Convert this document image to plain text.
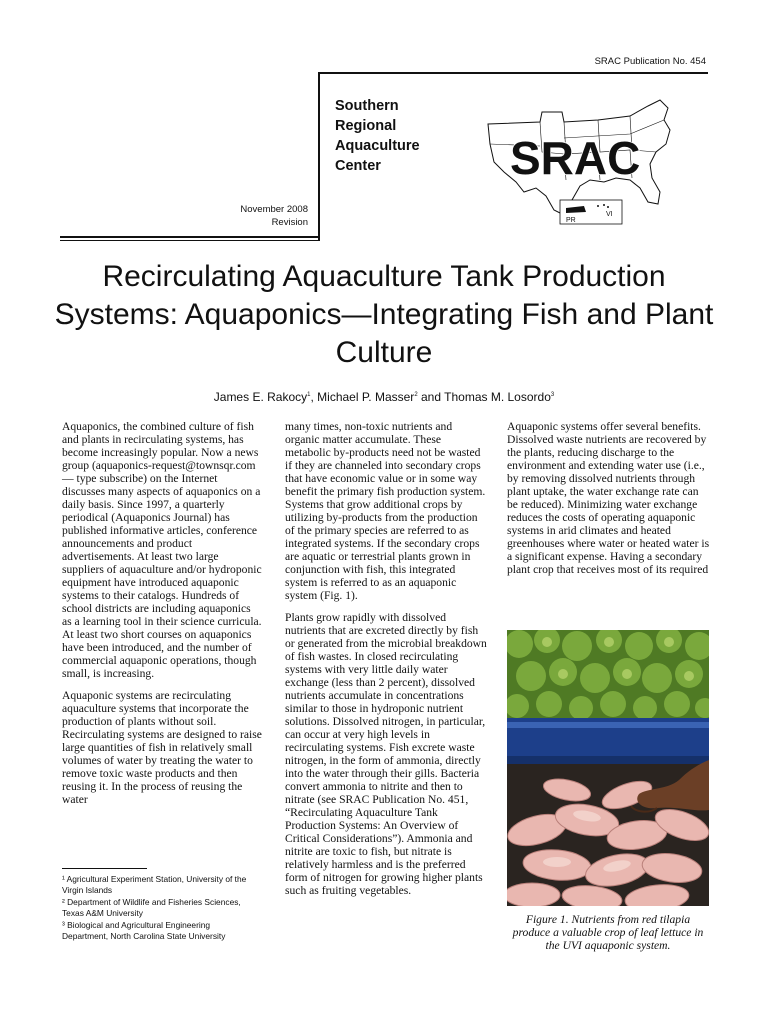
SRAC Publication No. 454
Southern
Regional
Aquaculture
Center	SRAC
PR
VI
November 2008
Revision
Recirculating Aquaculture Tank Production Systems: Aquaponics—Integrating Fish and Plant Culture
James E. Rakocy$^1$, Michael P. Masser$^2$ and Thomas M. Losordo$^3$

Aquaponics, the combined culture of fish and plants in recirculating systems, has become increasingly popular. Now a news group (aquaponics-request@townsqr.com — type subscribe) on the Internet discusses many aspects of aquaponics on a daily basis. Since 1997, a quarterly periodical (Aquaponics Journal) has published informative articles, conference announcements and product advertisements. At least two large suppliers of aquaculture and/or hydroponic equipment have introduced aquaponic systems to their catalogs. Hundreds of school districts are including aquaponics as a learning tool in their science curricula. At least two short courses on aquaponics have been introduced, and the number of commercial aquaponic operations, though small, is increasing.

Aquaponic systems are recirculating aquaculture systems that incorporate the production of plants without soil. Recirculating systems are designed to raise large quantities of fish in relatively small volumes of water by treating the water to remove toxic waste products and then reusing it. In the process of reusing the water

many times, non-toxic nutrients and organic matter accumulate. These metabolic by-products need not be wasted if they are channeled into secondary crops that have economic value or in some way benefit the primary fish production system. Systems that grow additional crops by utilizing by-products from the production of the primary species are referred to as integrated systems. If the secondary crops are aquatic or terrestrial plants grown in conjunction with fish, this integrated system is referred to as an aquaponic system (Fig. 1).

Plants grow rapidly with dissolved nutrients that are excreted directly by fish or generated from the microbial breakdown of fish wastes. In closed recirculating systems with very little daily water exchange (less than 2 percent), dissolved nutrients accumulate in concentrations similar to those in hydroponic nutrient solutions. Dissolved nitrogen, in particular, can occur at very high levels in recirculating systems. Fish excrete waste nitrogen, in the form of ammonia, directly into the water through their gills. Bacteria convert ammonia to nitrite and then to nitrate (see SRAC Publication No. 451, “Recirculating Aquaculture Tank Production Systems: An Overview of Critical Considerations”). Ammonia and nitrite are toxic to fish, but nitrate is relatively harmless and is the preferred form of nitrogen for growing higher plants such as fruiting vegetables.

Aquaponic systems offer several benefits. Dissolved waste nutrients are recovered by the plants, reducing discharge to the environment and extending water use (i.e., by removing dissolved nutrients through plant uptake, the water exchange rate can be reduced). Minimizing water exchange reduces the costs of operating aquaponic systems in arid climates and heated greenhouses where water or heated water is a significant expense. Having a secondary plant crop that receives most of its required

¹ Agricultural Experiment Station, University of the
Virgin Islands
² Department of Wildlife and Fisheries Sciences,
Texas A&M University
³ Biological and Agricultural Engineering
Department, North Carolina State University
Figure 1. Nutrients from red tilapia produce a valuable crop of leaf lettuce in the UVI aquaponic system.
